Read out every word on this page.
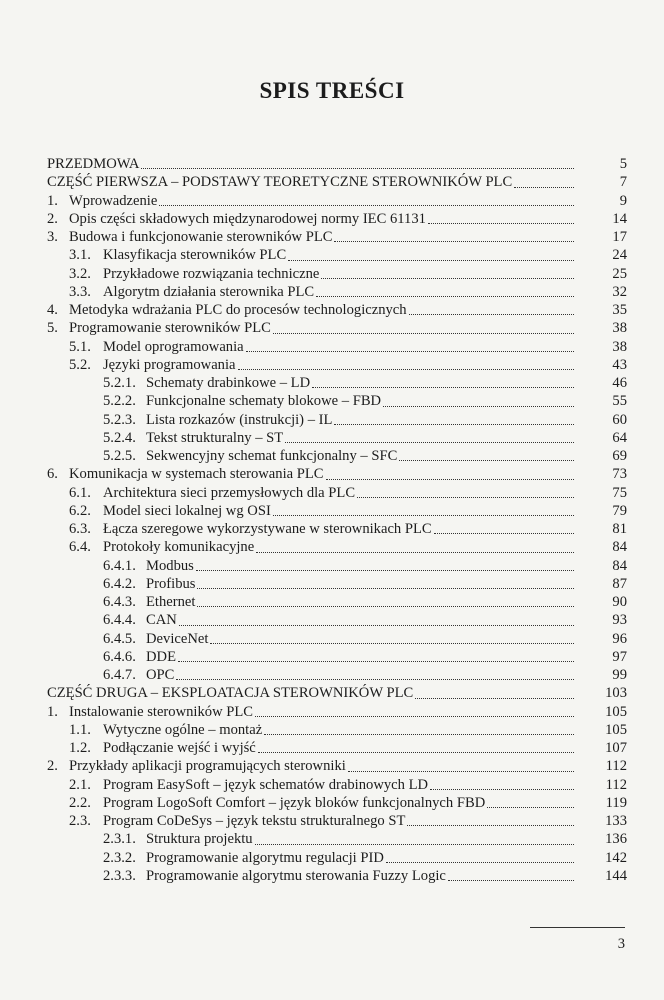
SPIS TREŚCI
PRZEDMOWA	5
CZĘŚĆ PIERWSZA – PODSTAWY TEORETYCZNE STEROWNIKÓW PLC	7
1. Wprowadzenie	9
2. Opis części składowych międzynarodowej normy IEC 61131	14
3. Budowa i funkcjonowanie sterowników PLC	17
3.1. Klasyfikacja sterowników PLC	24
3.2. Przykładowe rozwiązania techniczne	25
3.3. Algorytm działania sterownika PLC	32
4. Metodyka wdrażania PLC do procesów technologicznych	35
5. Programowanie sterowników PLC	38
5.1. Model oprogramowania	38
5.2. Języki programowania	43
5.2.1. Schematy drabinkowe – LD	46
5.2.2. Funkcjonalne schematy blokowe – FBD	55
5.2.3. Lista rozkazów (instrukcji) – IL	60
5.2.4. Tekst strukturalny – ST	64
5.2.5. Sekwencyjny schemat funkcjonalny – SFC	69
6. Komunikacja w systemach sterowania PLC	73
6.1. Architektura sieci przemysłowych dla PLC	75
6.2. Model sieci lokalnej wg OSI	79
6.3. Łącza szeregowe wykorzystywane w sterownikach PLC	81
6.4. Protokoły komunikacyjne	84
6.4.1. Modbus	84
6.4.2. Profibus	87
6.4.3. Ethernet	90
6.4.4. CAN	93
6.4.5. DeviceNet	96
6.4.6. DDE	97
6.4.7. OPC	99
CZĘŚĆ DRUGA – EKSPLOATACJA STEROWNIKÓW PLC	103
1. Instalowanie sterowników PLC	105
1.1. Wytyczne ogólne – montaż	105
1.2. Podłączanie wejść i wyjść	107
2. Przykłady aplikacji programujących sterowniki	112
2.1. Program EasySoft – język schematów drabinowych LD	112
2.2. Program LogoSoft Comfort – język bloków funkcjonalnych FBD	119
2.3. Program CoDeSys – język tekstu strukturalnego ST	133
2.3.1. Struktura projektu	136
2.3.2. Programowanie algorytmu regulacji PID	142
2.3.3. Programowanie algorytmu sterowania Fuzzy Logic	144
3
